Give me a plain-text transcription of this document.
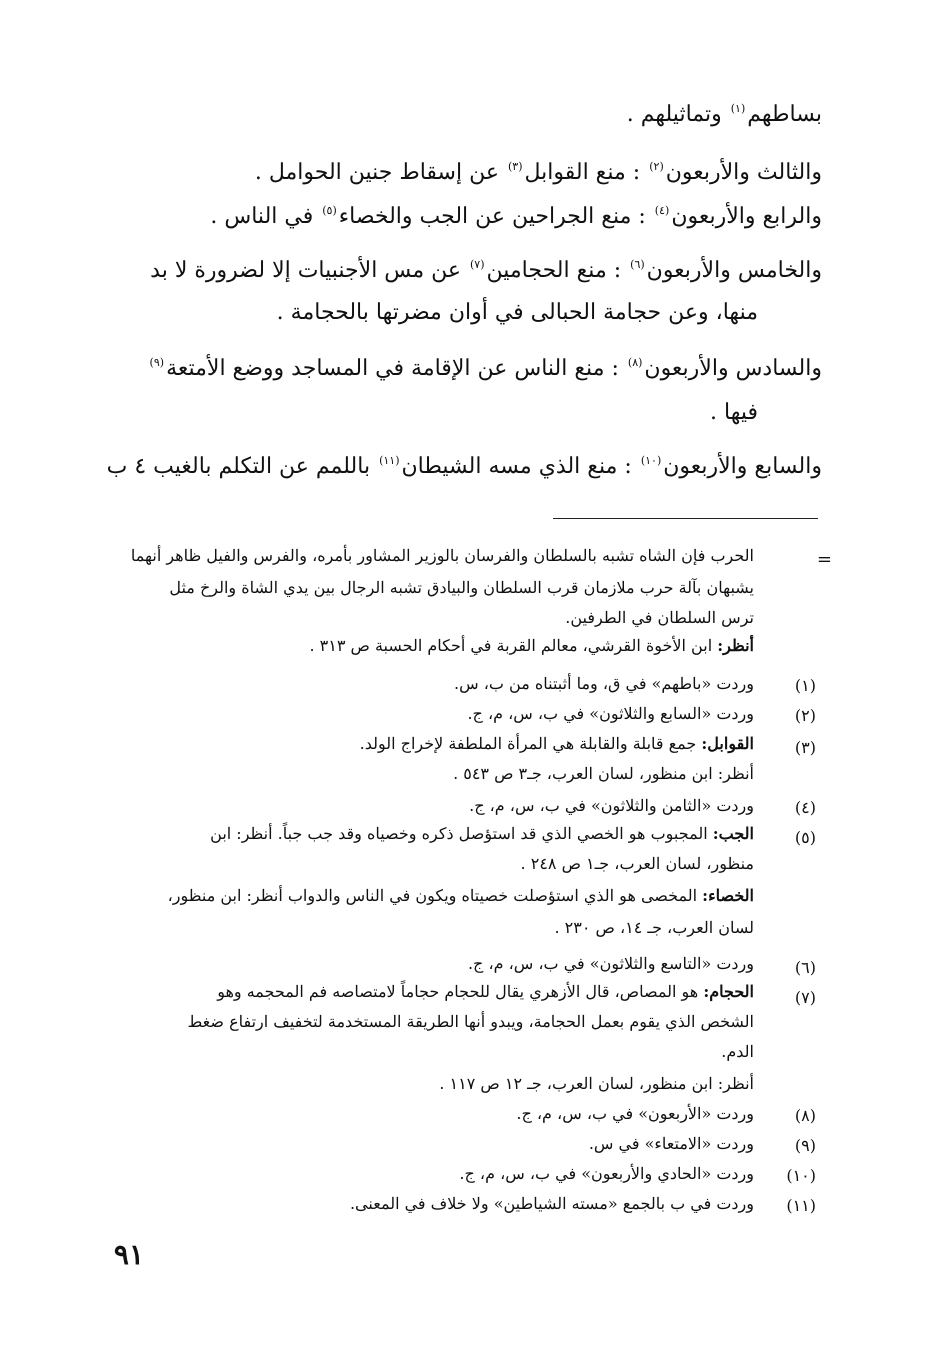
بساطهم$^{(١)}$ وتماثيلهم .
والثالث والأربعون$^{(٢)}$ : منع القوابل$^{(٣)}$ عن إسقاط جنين الحوامل .
والرابع والأربعون$^{(٤)}$ : منع الجراحين عن الجب والخصاء$^{(٥)}$ في الناس .
والخامس والأربعون$^{(٦)}$ : منع الحجامين$^{(٧)}$ عن مس الأجنبيات إلا لضرورة لا بد
منها، وعن حجامة الحبالى في أوان مضرتها بالحجامة .
والسادس والأربعون$^{(٨)}$ : منع الناس عن الإقامة في المساجد ووضع الأمتعة$^{(٩)}$
فيها .
والسابع والأربعون$^{(١٠)}$ : منع الذي مسه الشيطان$^{(١١)}$ باللمم عن التكلم بالغيب ٤ ب
=
الحرب فإن الشاه تشبه بالسلطان والفرسان بالوزير المشاور بأمره، والفرس والفيل ظاهر أنهما
يشبهان بآلة حرب ملازمان قرب السلطان والبيادق تشبه الرجال بين يدي الشاة والرخ مثل
ترس السلطان في الطرفين.
أنظر: ابن الأخوة القرشي، معالم القربة في أحكام الحسبة ص ٣١٣ .
(١)
وردت «باطهم» في ق، وما أثبتناه من ب، س.
(٢)
وردت «السابع والثلاثون» في ب، س، م، ج.
(٣)
القوابل: جمع قابلة والقابلة هي المرأة الملطفة لإخراج الولد.
أنظر: ابن منظور، لسان العرب، جـ٣ ص ٥٤٣ .
(٤)
وردت «الثامن والثلاثون» في ب، س، م، ج.
(٥)
الجب: المجبوب هو الخصي الذي قد استؤصل ذكره وخصياه وقد جب جباً. أنظر: ابن
منظور، لسان العرب، جـ١ ص ٢٤٨ .
الخصاء: المخصى هو الذي استؤصلت خصيتاه ويكون في الناس والدواب أنظر: ابن منظور،
لسان العرب، جـ ١٤، ص ٢٣٠ .
(٦)
وردت «التاسع والثلاثون» في ب، س، م، ج.
(٧)
الحجام: هو المصاص، قال الأزهري يقال للحجام حجاماً لامتصاصه فم المحجمه وهو
الشخص الذي يقوم بعمل الحجامة، ويبدو أنها الطريقة المستخدمة لتخفيف ارتفاع ضغط
الدم.
أنظر: ابن منظور، لسان العرب، جـ ١٢ ص ١١٧ .
(٨)
وردت «الأربعون» في ب، س، م، ج.
(٩)
وردت «الامتعاء» في س.
(١٠)
وردت «الحادي والأربعون» في ب، س، م، ج.
(١١)
وردت في ب بالجمع «مسته الشياطين» ولا خلاف في المعنى.
٩١
